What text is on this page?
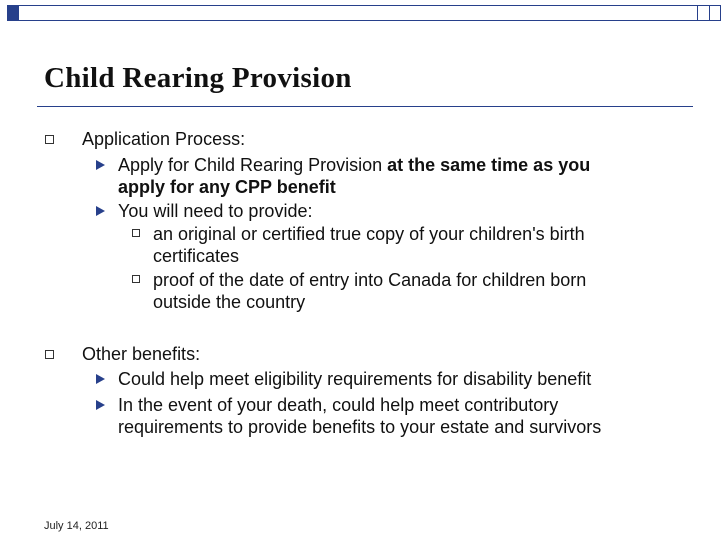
Child Rearing Provision
Application Process:
Apply for Child Rearing Provision at the same time as you
apply for any CPP benefit
You will need to provide:
an original or certified true copy of your children's birth
certificates
proof of the date of entry into Canada for children born
outside the country
Other benefits:
Could help meet eligibility requirements for disability benefit
In the event of your death, could help meet contributory
requirements to provide benefits to your estate and survivors
July 14, 2011
